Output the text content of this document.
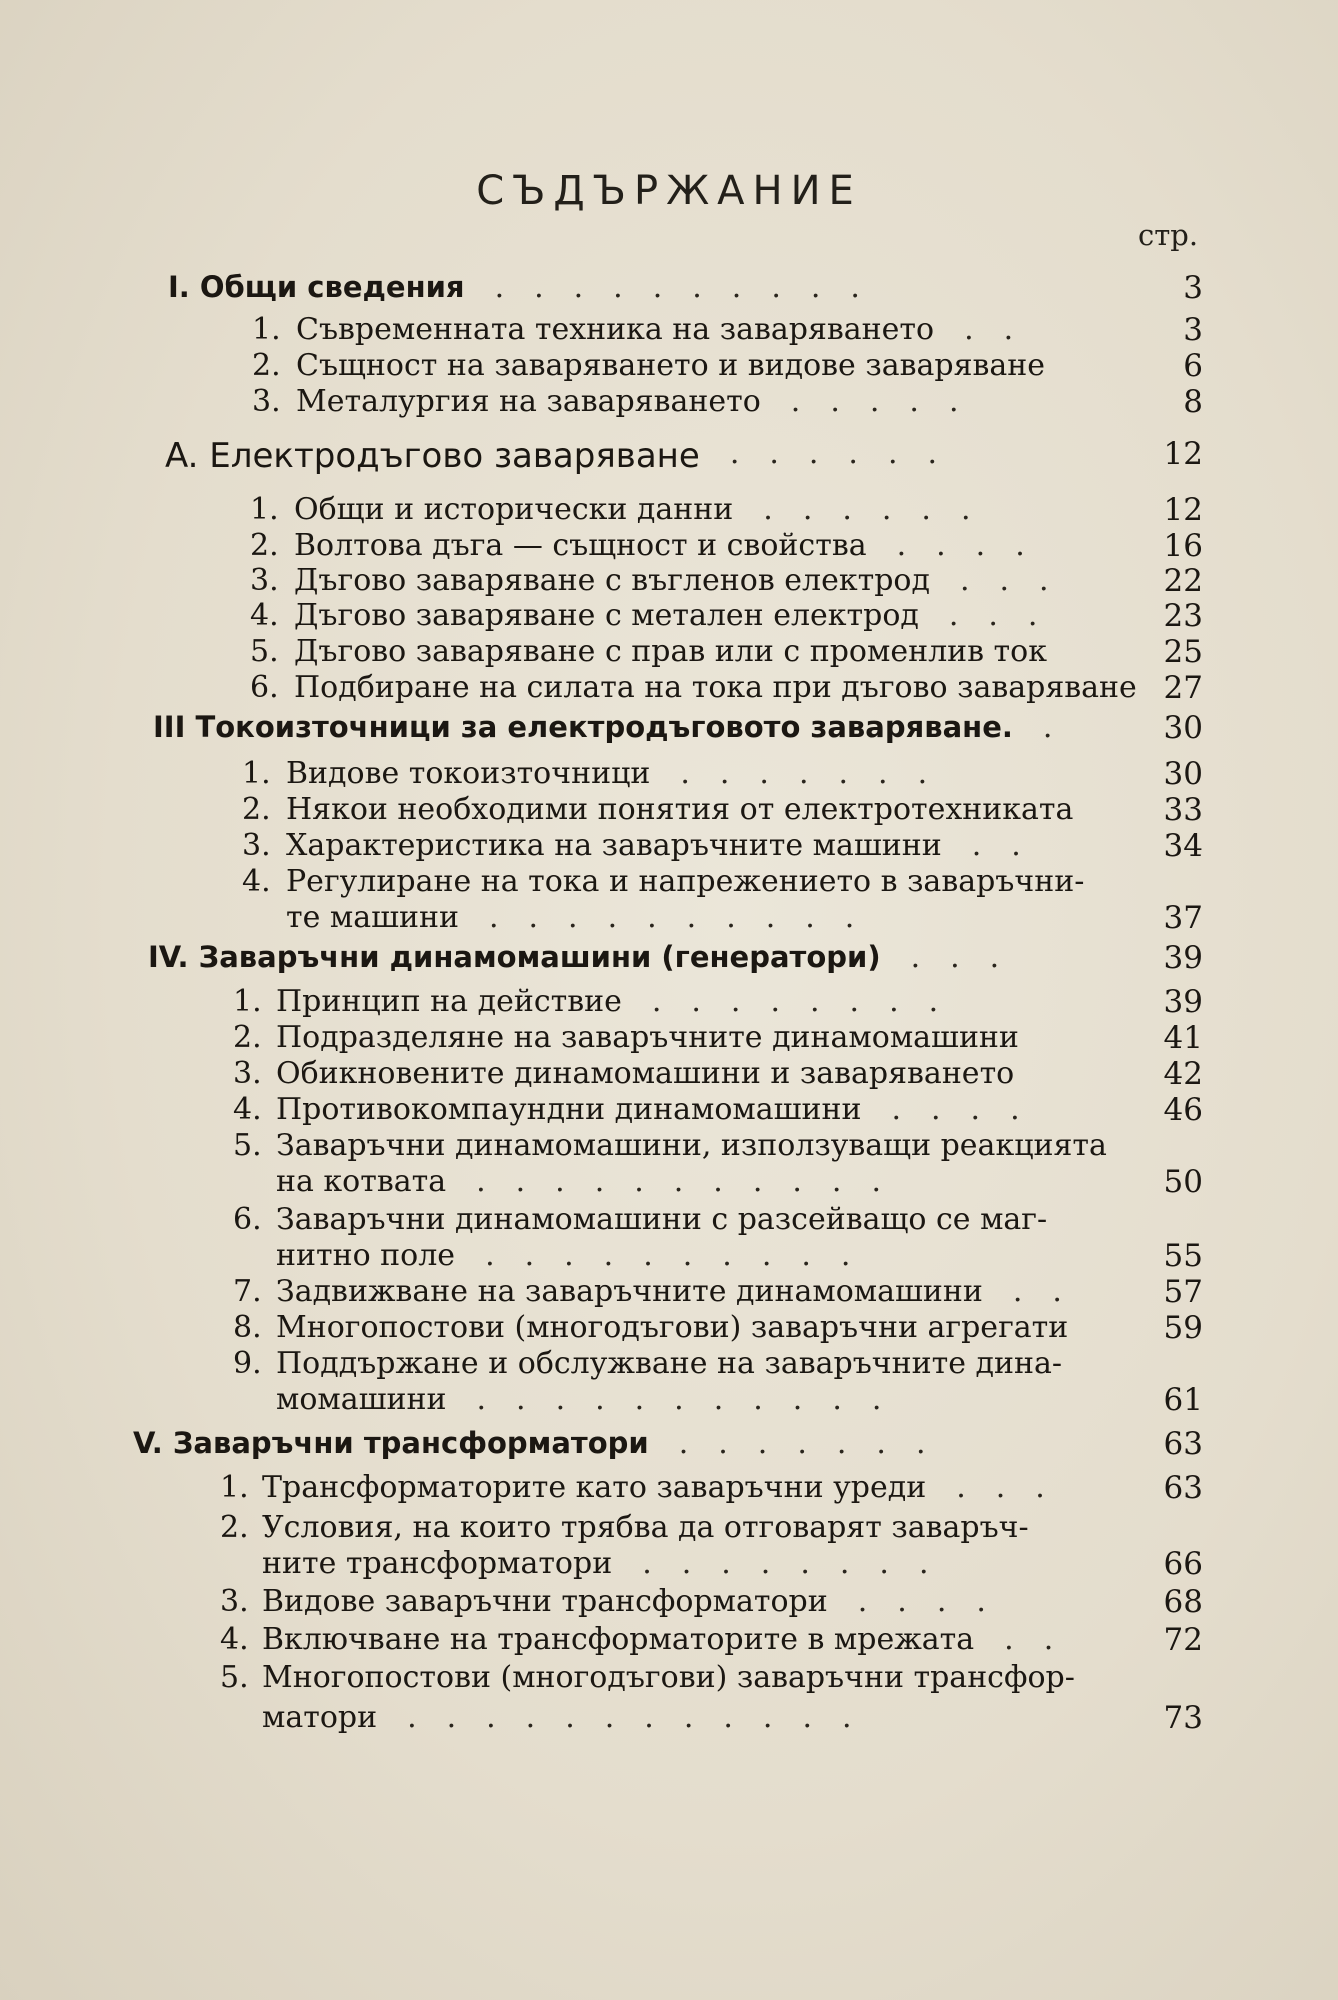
СЪДЪРЖАНИЕ
стр.
I. Общи сведения	3
..........
1. Съвременната техника на заваряването	3
..
2. Същност на заваряването и видове заваряване	6
3. Металургия на заваряването	8
.....
A. Електродъгово заваряване	12
......
1. Общи и исторически данни	12
......
2. Волтова дъга — същност и свойства	16
....
3. Дъгово заваряване с въгленов електрод	22
...
4. Дъгово заваряване с метален електрод	23
...
5. Дъгово заваряване с прав или с променлив ток	25
6. Подбиране на силата на тока при дъгово заваряване 27
III Токоизточници за електродъговото заваряване.	30
.
1. Видове токоизточници	30
.......
2. Някои необходими понятия от електротехниката	33
3. Характеристика на заваръчните машини	34
..
4. Регулиране на тока и напрежението в заваръчни-
те машини	37
..........
IV. Заваръчни динамомашини (генератори)	39
...
1. Принцип на действие	39
........
2. Подразделяне на заваръчните динамомашини	41
3. Обикновените динамомашини и заваряването	42
4. Противокомпаундни динамомашини	46
....
5. Заваръчни динамомашини, използуващи реакцията
на котвата	50
...........
6. Заваръчни динамомашини с разсейващо се маг-
нитно поле	55
..........
7. Задвижване на заваръчните динамомашини	57
..
8. Многопостови (многодъгови) заваръчни агрегати	59
9. Поддържане и обслужване на заваръчните дина-
момашини	61
...........
V. Заваръчни трансформатори	63
.......
1. Трансформаторите като заваръчни уреди	63
...
2. Условия, на които трябва да отговарят заваръч-
ните трансформатори	66
........
3. Видове заваръчни трансформатори	68
....
4. Включване на трансформаторите в мрежата	72
..
5. Многопостови (многодъгови) заваръчни трансфор-
матори	73
............
